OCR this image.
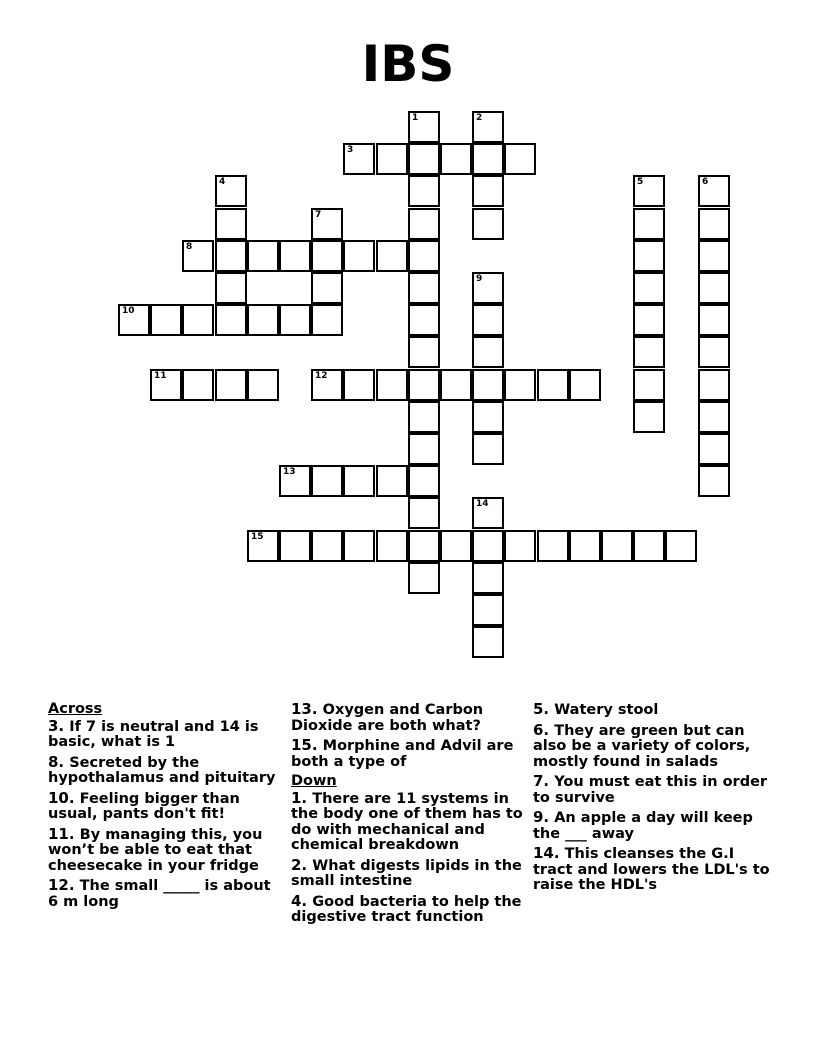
IBS
1	2
3
4	5	6
7
8
9
10
11	12
13
14
15
Across
3. If 7 is neutral and 14 is basic, what is 1
8. Secreted by the hypothalamus and pituitary
10. Feeling bigger than usual, pants don't fit!
11. By managing this, you won’t be able to eat that cheesecake in your fridge
12. The small _____ is about 6 m long
13. Oxygen and Carbon Dioxide are both what?
15. Morphine and Advil are both a type of
Down
1. There are 11 systems in the body one of them has to do with mechanical and chemical breakdown
2. What digests lipids in the small intestine
4. Good bacteria to help the digestive tract function
5. Watery stool
6. They are green but can also be a variety of colors, mostly found in salads
7. You must eat this in order to survive
9. An apple a day will keep the ___ away
14. This cleanses the G.I tract and lowers the LDL's to raise the HDL's
